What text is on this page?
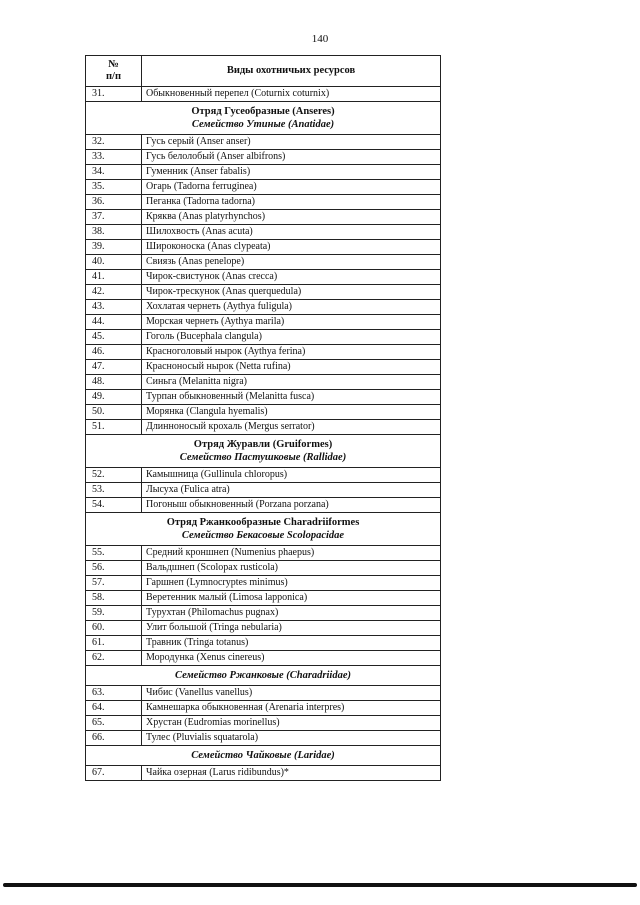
140
№
п/п	Виды охотничьих ресурсов
31.	Обыкновенный перепел (Coturnix coturnix)

Отряд Гусеобразные (Anseres)
Семейство Утиные (Anatidae)	

32.	Гусь серый (Anser anser)
33.	Гусь белолобый (Anser albifrons)
34.	Гуменник (Anser fabalis)
35.	Огарь (Tadorna ferruginea)
36.	Пеганка (Tadorna tadorna)
37.	Кряква (Anas platyrhynchos)
38.	Шилохвость (Anas acuta)
39.	Широконоска (Anas clypeata)
40.	Свиязь (Anas penelope)
41.	Чирок-свистунок (Anas crecca)
42.	Чирок-трескунок (Anas querquedula)
43.	Хохлатая чернеть (Aythya fuligula)
44.	Морская чернеть (Aythya marila)
45.	Гоголь (Bucephala clangula)
46.	Красноголовый нырок (Aythya ferina)
47.	Красноносый нырок (Netta rufina)
48.	Синьга (Melanitta nigra)
49.	Турпан обыкновенный (Melanitta fusca)
50.	Морянка (Clangula hyemalis)
51.	Длинноносый крохаль (Mergus serrator)

Отряд Журавли (Gruiformes)
Семейство Пастушковые (Rallidae)	

52.	Камышница (Gullinula chloropus)
53.	Лысуха (Fulica atra)
54.	Погоныш обыкновенный (Porzana porzana)

Отряд Ржанкообразные Charadriiformes
Семейство Бекасовые Scolopacidae	

55.	Средний кроншнеп (Numenius phaepus)
56.	Вальдшнеп (Scolopax rusticola)
57.	Гаршнеп (Lymnocryptes minimus)
58.	Веретенник малый (Limosa lapponica)
59.	Турухтан (Philomachus pugnax)
60.	Улит большой (Tringa nebularia)
61.	Травник (Tringa totanus)
62.	Мородунка (Xenus cinereus)

Семейство Ржанковые (Charadriidae)	

63.	Чибис (Vanellus vanellus)
64.	Камнешарка обыкновенная (Arenaria interpres)
65.	Хрустан (Eudromias morinellus)
66.	Тулес (Pluvialis squatarola)

Семейство Чайковые (Laridae)	

67.	Чайка озерная (Larus ridibundus)*
